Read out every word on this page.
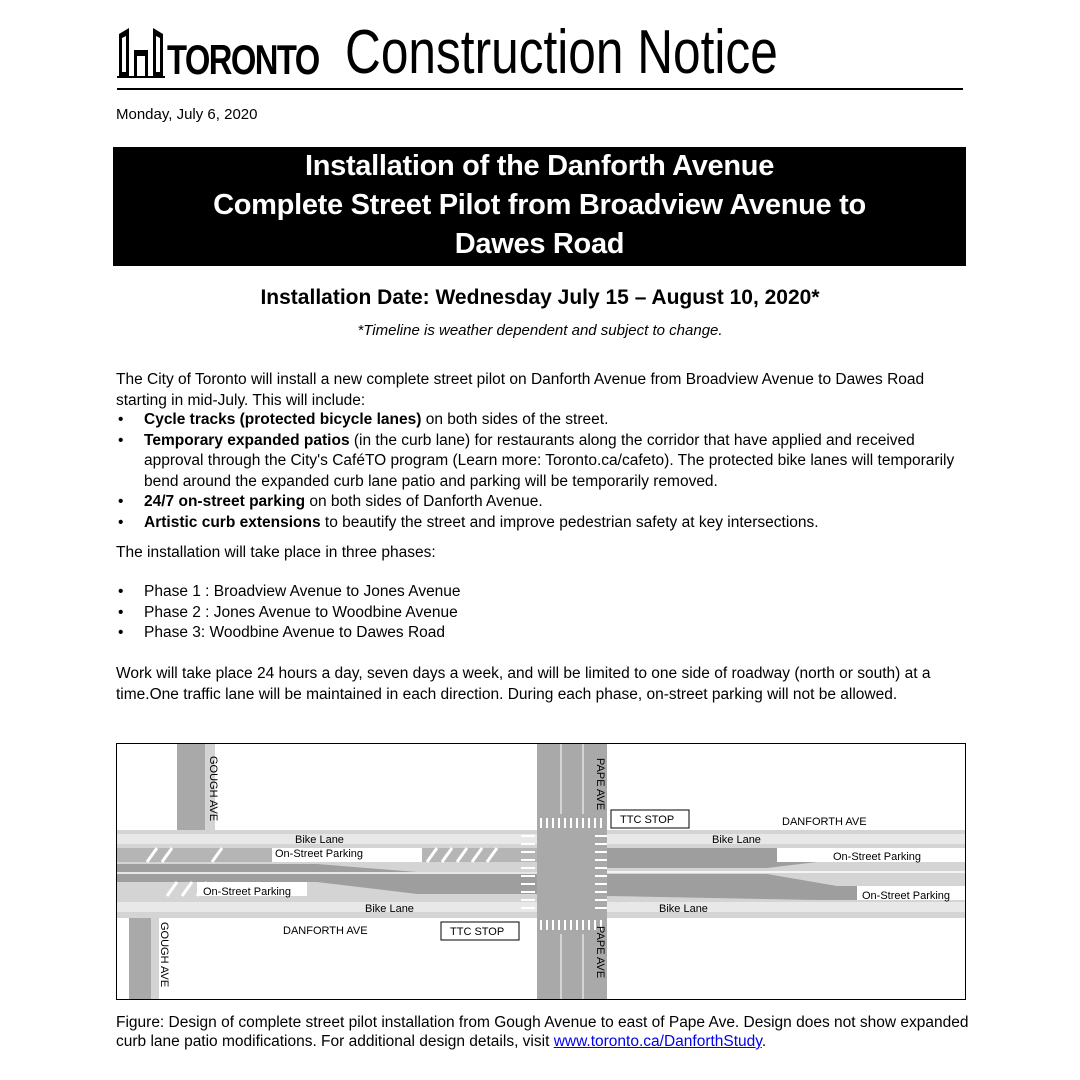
TORONTO Construction Notice
Monday, July 6, 2020
Installation of the Danforth Avenue
Complete Street Pilot from Broadview Avenue to
Dawes Road
Installation Date: Wednesday July 15 – August 10, 2020*
*Timeline is weather dependent and subject to change.
The City of Toronto will install a new complete street pilot on Danforth Avenue from Broadview Avenue to Dawes Road starting in mid-July. This will include:
• Cycle tracks (protected bicycle lanes) on both sides of the street.
• Temporary expanded patios (in the curb lane) for restaurants along the corridor that have applied and received approval through the City's CaféTO program (Learn more: Toronto.ca/cafeto). The protected bike lanes will temporarily bend around the expanded curb lane patio and parking will be temporarily removed.
• 24/7 on-street parking on both sides of Danforth Avenue.
• Artistic curb extensions to beautify the street and improve pedestrian safety at key intersections.
The installation will take place in three phases:
• Phase 1 : Broadview Avenue to Jones Avenue
• Phase 2 : Jones Avenue to Woodbine Avenue
• Phase 3: Woodbine Avenue to Dawes Road
Work will take place 24 hours a day, seven days a week, and will be limited to one side of roadway (north or south) at a time.One traffic lane will be maintained in each direction. During each phase, on-street parking will not be allowed.
GOUGH AVE
GOUGH AVE
PAPE AVE
PAPE AVE
TTC STOP
TTC STOP
DANFORTH AVE
DANFORTH AVE
Bike Lane
On-Street Parking
Bike Lane
On-Street Parking
On-Street Parking
Bike Lane	Bike Lane
On-Street Parking
Figure: Design of complete street pilot installation from Gough Avenue to east of Pape Ave. Design does not show expanded curb lane patio modifications. For additional design details, visit www.toronto.ca/DanforthStudy.
